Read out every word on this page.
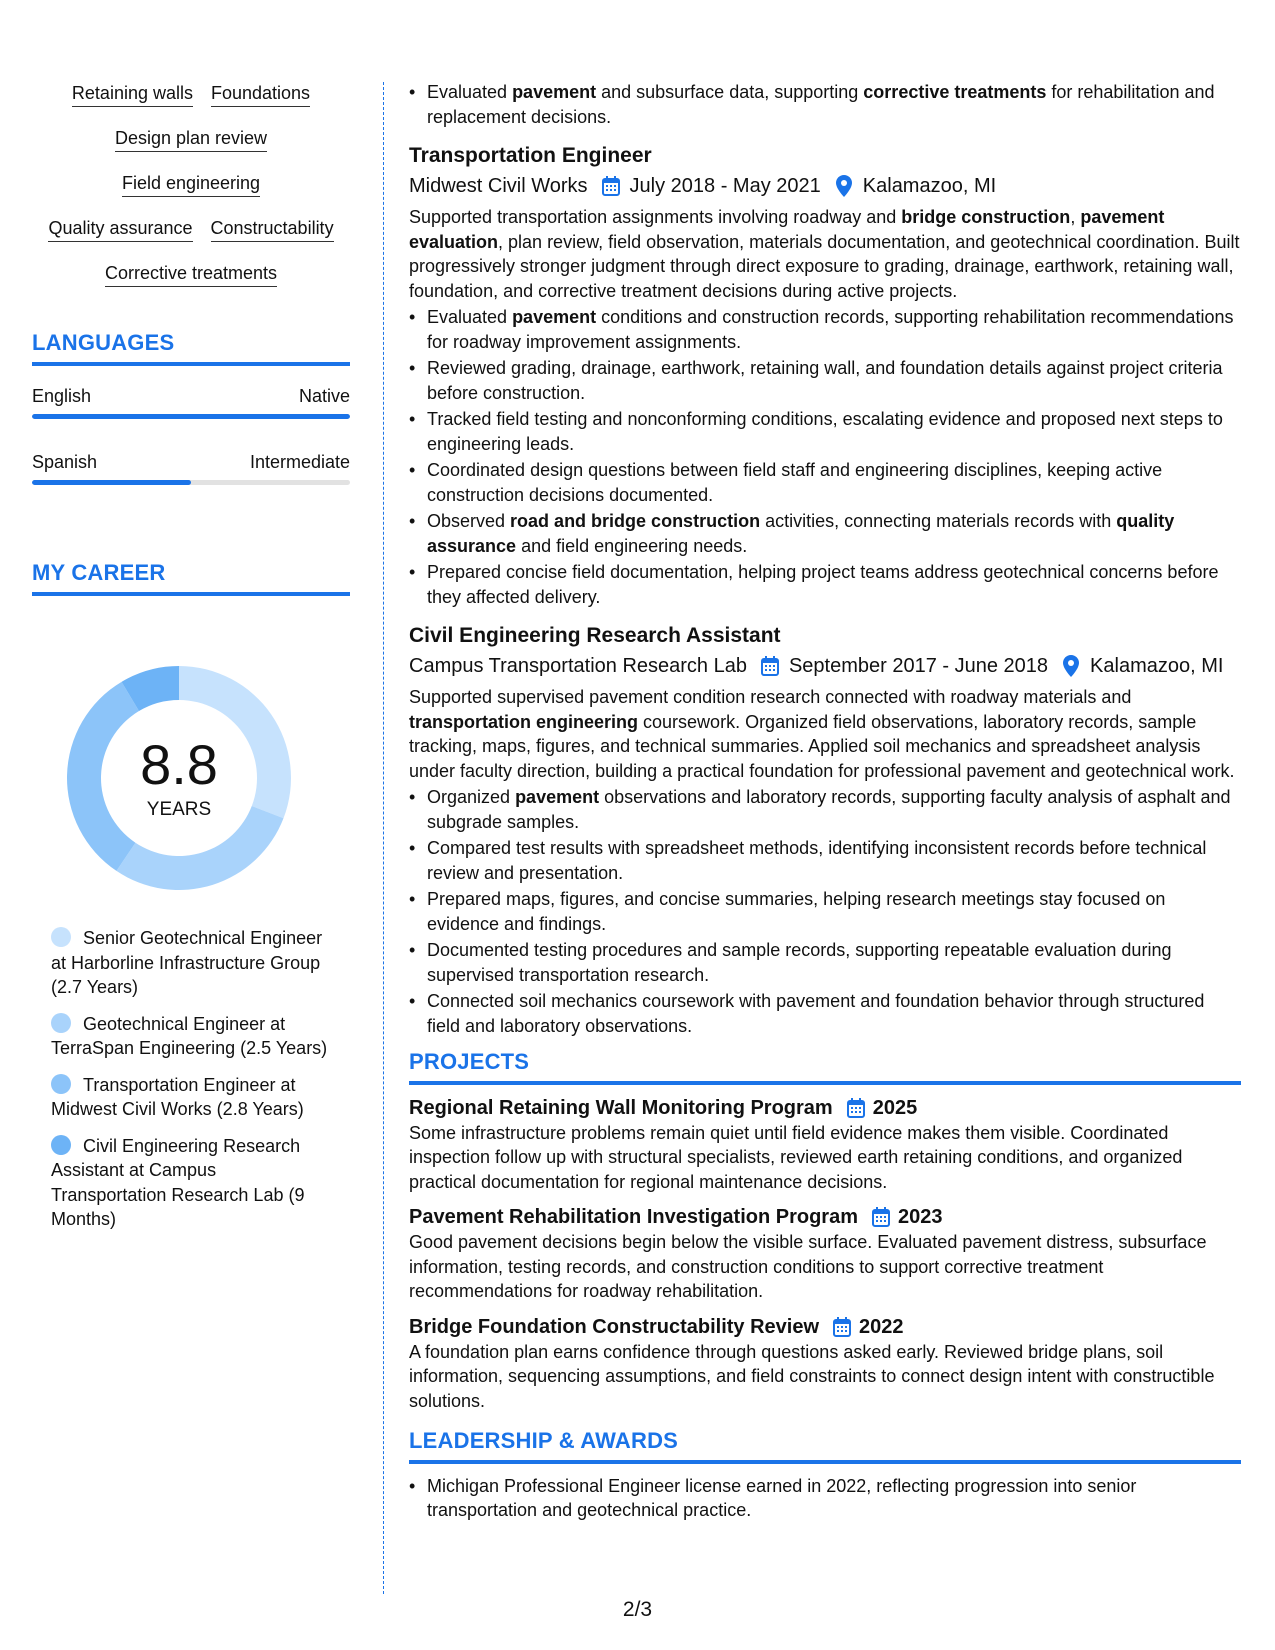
Retaining walls Foundations
Design plan review
Field engineering
Quality assurance Constructability
Corrective treatments
LANGUAGES
English	Native
Spanish	Intermediate
MY CAREER
8.8
YEARS
Senior Geotechnical Engineer at Harborline Infrastructure Group (2.7 Years)
Geotechnical Engineer at TerraSpan Engineering (2.5 Years)
Transportation Engineer at Midwest Civil Works (2.8 Years)
Civil Engineering Research Assistant at Campus Transportation Research Lab (9 Months)
• Evaluated pavement and subsurface data, supporting corrective treatments for rehabilitation and replacement decisions.
Transportation Engineer
Midwest Civil Works July 2018 - May 2021 Kalamazoo, MI
Supported transportation assignments involving roadway and bridge construction, pavement evaluation, plan review, field observation, materials documentation, and geotechnical coordination. Built progressively stronger judgment through direct exposure to grading, drainage, earthwork, retaining wall, foundation, and corrective treatment decisions during active projects.
• Evaluated pavement conditions and construction records, supporting rehabilitation recommendations for roadway improvement assignments.
• Reviewed grading, drainage, earthwork, retaining wall, and foundation details against project criteria before construction.
• Tracked field testing and nonconforming conditions, escalating evidence and proposed next steps to engineering leads.
• Coordinated design questions between field staff and engineering disciplines, keeping active construction decisions documented.
• Observed road and bridge construction activities, connecting materials records with quality assurance and field engineering needs.
• Prepared concise field documentation, helping project teams address geotechnical concerns before they affected delivery.
Civil Engineering Research Assistant
Campus Transportation Research Lab September 2017 - June 2018 Kalamazoo, MI
Supported supervised pavement condition research connected with roadway materials and transportation engineering coursework. Organized field observations, laboratory records, sample tracking, maps, figures, and technical summaries. Applied soil mechanics and spreadsheet analysis under faculty direction, building a practical foundation for professional pavement and geotechnical work.
• Organized pavement observations and laboratory records, supporting faculty analysis of asphalt and subgrade samples.
• Compared test results with spreadsheet methods, identifying inconsistent records before technical review and presentation.
• Prepared maps, figures, and concise summaries, helping research meetings stay focused on evidence and findings.
• Documented testing procedures and sample records, supporting repeatable evaluation during supervised transportation research.
• Connected soil mechanics coursework with pavement and foundation behavior through structured field and laboratory observations.
PROJECTS
Regional Retaining Wall Monitoring Program 2025
Some infrastructure problems remain quiet until field evidence makes them visible. Coordinated inspection follow up with structural specialists, reviewed earth retaining conditions, and organized practical documentation for regional maintenance decisions.
Pavement Rehabilitation Investigation Program 2023
Good pavement decisions begin below the visible surface. Evaluated pavement distress, subsurface information, testing records, and construction conditions to support corrective treatment recommendations for roadway rehabilitation.
Bridge Foundation Constructability Review 2022
A foundation plan earns confidence through questions asked early. Reviewed bridge plans, soil information, sequencing assumptions, and field constraints to connect design intent with constructible solutions.
LEADERSHIP & AWARDS
• Michigan Professional Engineer license earned in 2022, reflecting progression into senior transportation and geotechnical practice.
2/3
